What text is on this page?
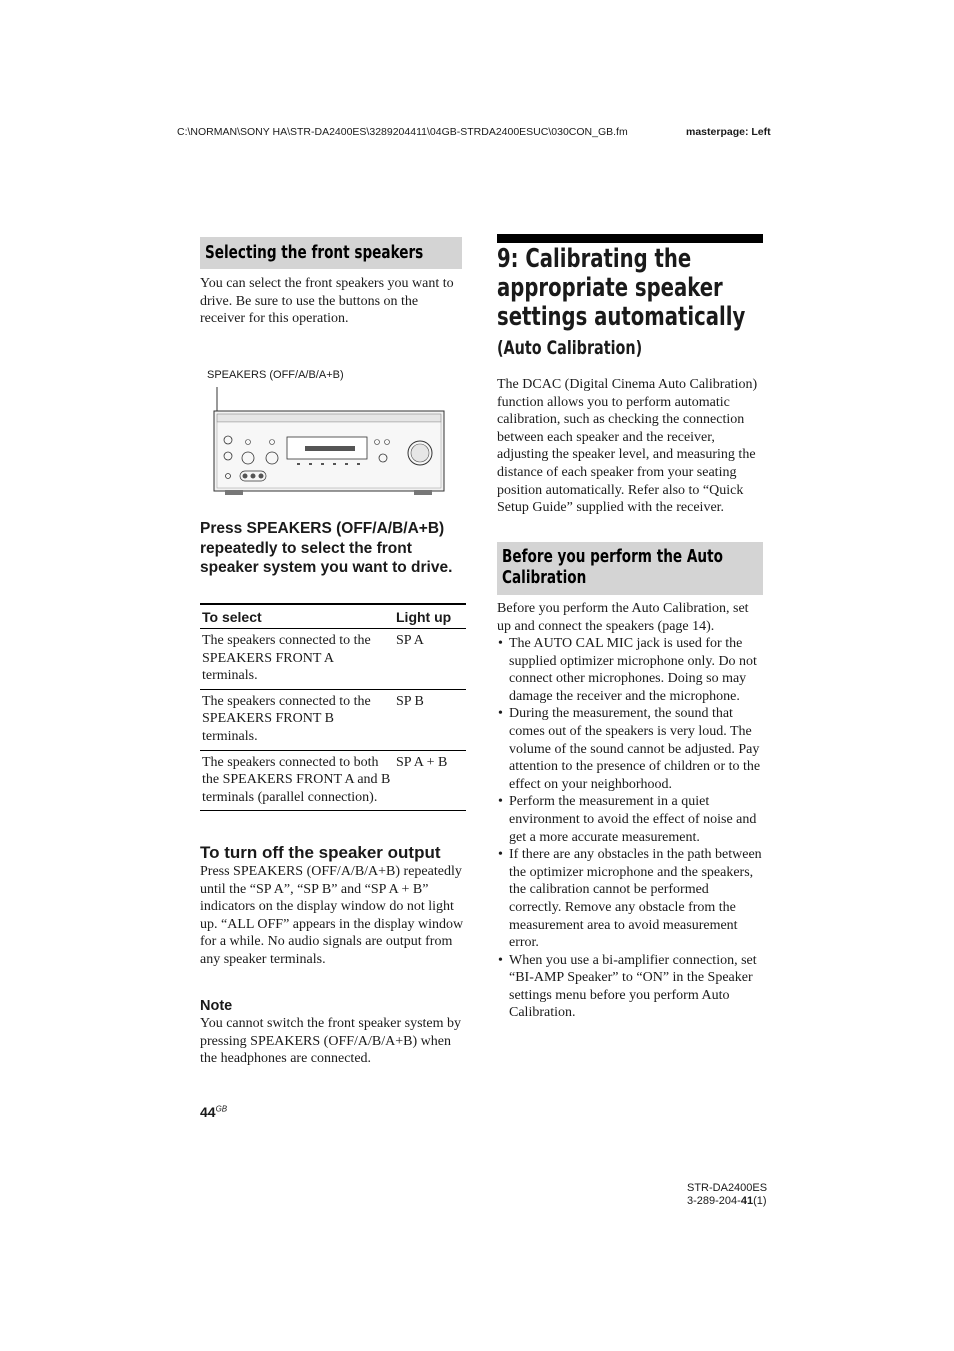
C:\NORMAN\SONY HA\STR-DA2400ES\3289204411\04GB-STRDA2400ESUC\030CON_GB.fm	masterpage: Left
Selecting the front speakers
You can select the front speakers you want to drive. Be sure to use the buttons on the receiver for this operation.
SPEAKERS (OFF/A/B/A+B)
Press SPEAKERS (OFF/A/B/A+B) repeatedly to select the front speaker system you want to drive.
To select	Light up
The speakers connected to the SPEAKERS FRONT A terminals.	SP A
The speakers connected to the SPEAKERS FRONT B terminals.	SP B
The speakers connected to both the SPEAKERS FRONT A and B terminals (parallel connection).	SP A + B
To turn off the speaker output
Press SPEAKERS (OFF/A/B/A+B) repeatedly until the “SP A”, “SP B” and “SP A + B” indicators on the display window do not light up. “ALL OFF” appears in the display window for a while. No audio signals are output from any speaker terminals.
Note
You cannot switch the front speaker system by pressing SPEAKERS (OFF/A/B/A+B) when the headphones are connected.
$44^{GB}$
9: Calibrating the
appropriate speaker
settings automatically
(Auto Calibration)
The DCAC (Digital Cinema Auto Calibration) function allows you to perform automatic calibration, such as checking the connection between each speaker and the receiver, adjusting the speaker level, and measuring the distance of each speaker from your seating position automatically. Refer also to “Quick Setup Guide” supplied with the receiver.
Before you perform the Auto Calibration
Before you perform the Auto Calibration, set up and connect the speakers (page 14).
• The AUTO CAL MIC jack is used for the supplied optimizer microphone only. Do not connect other microphones. Doing so may damage the receiver and the microphone.
• During the measurement, the sound that comes out of the speakers is very loud. The volume of the sound cannot be adjusted. Pay attention to the presence of children or to the effect on your neighborhood.
• Perform the measurement in a quiet environment to avoid the effect of noise and get a more accurate measurement.
• If there are any obstacles in the path between the optimizer microphone and the speakers, the calibration cannot be performed correctly. Remove any obstacle from the measurement area to avoid measurement error.
• When you use a bi-amplifier connection, set “BI-AMP Speaker” to “ON” in the Speaker settings menu before you perform Auto Calibration.
STR-DA2400ES
3-289-204-41(1)
